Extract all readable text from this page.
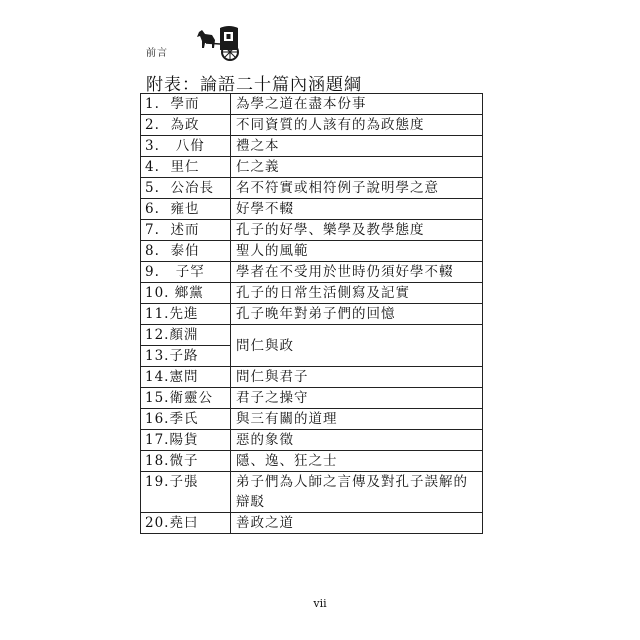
前言
附表：論語二十篇內涵題綱
1.  學而	為學之道在盡本份事
2.  為政	不同資質的人該有的為政態度
3.   八佾	禮之本
4.  里仁	仁之義
5.  公冶長	名不符實或相符例子說明學之意
6.  雍也	好學不輟
7.  述而	孔子的好學、樂學及教學態度
8.  泰伯	聖人的風範
9.   子罕	學者在不受用於世時仍須好學不輟
10. 鄉黨	孔子的日常生活側寫及記實
11.先進	孔子晚年對弟子們的回憶
12.顏淵	問仁與政
13.子路	
14.憲問	問仁與君子
15.衛靈公	君子之操守
16.季氏	與三有關的道理
17.陽貨	惡的象徵
18.微子	隱、逸、狂之士
19.子張	弟子們為人師之言傳及對孔子誤解的辯駁
20.堯曰	善政之道
vii
